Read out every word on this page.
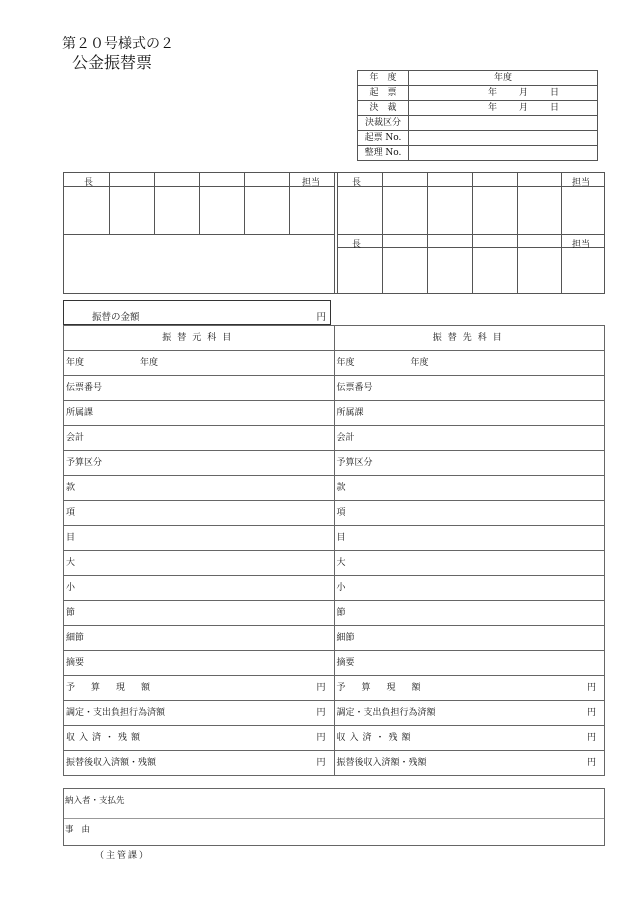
第２０号様式の２
公金振替票
年　度	年度
起　票	年 月 日

決　裁	年 月 日

決裁区分	
起票 No.	
整理 No.	
長	担当	長	担当
長	担当
振替の金額	円
振替元科目	振替先科目
年度 年度	年度 年度
伝票番号	伝票番号
所属課	所属課
会計	会計
予算区分	予算区分
款	款
項	項
目	目
大	大
小	小
節	節
細節	細節
摘要	摘要

予算現額 円	予算現額 円

調定・支出負担行為済額 円	調定・支出負担行為済額 円

収入済・残額 円	収入済・残額 円

振替後収入済額・残額 円	振替後収入済額・残額 円
納入者・支払先
事由
（主管課）
